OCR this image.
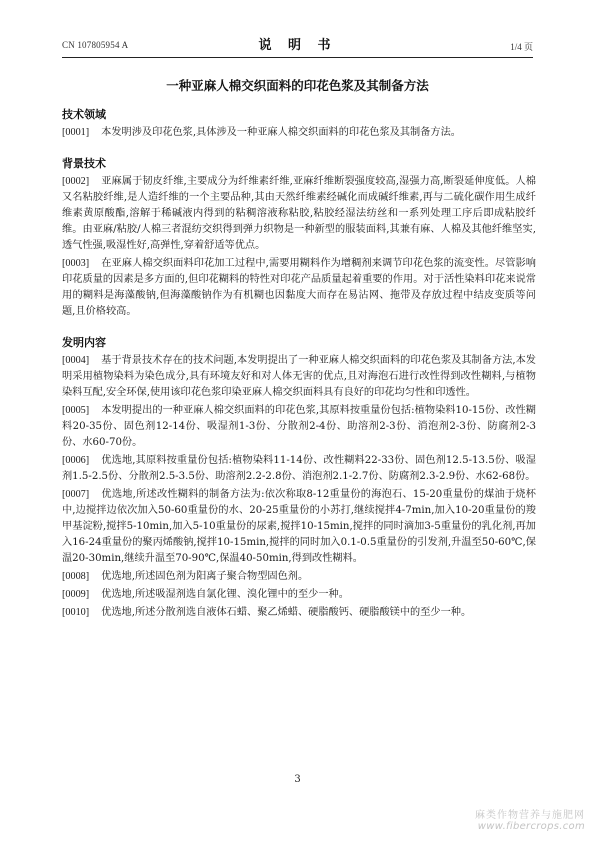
CN 107805954 A	说 明 书	1/4 页
一种亚麻人棉交织面料的印花色浆及其制备方法
技术领域

[0001] 本发明涉及印花色浆,具体涉及一种亚麻人棉交织面料的印花色浆及其制备方法。

背景技术

[0002] 亚麻属于韧皮纤维,主要成分为纤维素纤维,亚麻纤维断裂强度较高,湿强力高,断裂延伸度低。人棉又名粘胶纤维,是人造纤维的一个主要品种,其由天然纤维素经碱化而成碱纤维素,再与二硫化碳作用生成纤维素黄原酸酯,溶解于稀碱液内得到的粘稠溶液称粘胶,粘胶经湿法纺丝和一系列处理工序后即成粘胶纤维。由亚麻/粘胶/人棉三者混纺交织得到弹力织物是一种新型的服装面料,其兼有麻、人棉及其他纤维坚实,透气性强,吸湿性好,高弹性,穿着舒适等优点。

[0003] 在亚麻人棉交织面料印花加工过程中,需要用糊料作为增稠剂来调节印花色浆的流变性。尽管影响印花质量的因素是多方面的,但印花糊料的特性对印花产品质量起着重要的作用。对于活性染料印花来说常用的糊料是海藻酸钠,但海藻酸钠作为有机糊也因黏度大而存在易沾网、拖带及存放过程中结皮变质等问题,且价格较高。

发明内容

[0004] 基于背景技术存在的技术问题,本发明提出了一种亚麻人棉交织面料的印花色浆及其制备方法,本发明采用植物染料为染色成分,具有环境友好和对人体无害的优点,且对海泡石进行改性得到改性糊料,与植物染料互配,安全环保,使用该印花色浆印染亚麻人棉交织面料具有良好的印花均匀性和印透性。

[0005] 本发明提出的一种亚麻人棉交织面料的印花色浆,其原料按重量份包括:植物染料10-15份、改性糊料20-35份、固色剂12-14份、吸湿剂1-3份、分散剂2-4份、助溶剂2-3份、消泡剂2-3份、防腐剂2-3份、水60-70份。

[0006] 优选地,其原料按重量份包括:植物染料11-14份、改性糊料22-33份、固色剂12.5-13.5份、吸湿剂1.5-2.5份、分散剂2.5-3.5份、助溶剂2.2-2.8份、消泡剂2.1-2.7份、防腐剂2.3-2.9份、水62-68份。

[0007] 优选地,所述改性糊料的制备方法为:依次称取8-12重量份的海泡石、15-20重量份的煤油于烧杯中,边搅拌边依次加入50-60重量份的水、20-25重量份的小苏打,继续搅拌4-7min,加入10-20重量份的羧甲基淀粉,搅拌5-10min,加入5-10重量份的尿素,搅拌10-15min,搅拌的同时滴加3-5重量份的乳化剂,再加入16-24重量份的聚丙烯酸钠,搅拌10-15min,搅拌的同时加入0.1-0.5重量份的引发剂,升温至50-60℃,保温20-30min,继续升温至70-90℃,保温40-50min,得到改性糊料。

[0008] 优选地,所述固色剂为阳离子聚合物型固色剂。

[0009] 优选地,所述吸湿剂选自氯化锂、溴化锂中的至少一种。

[0010] 优选地,所述分散剂选自液体石蜡、聚乙烯蜡、硬脂酸钙、硬脂酸镁中的至少一种。

3
麻类作物营养与施肥网
www.fibercrops.com
